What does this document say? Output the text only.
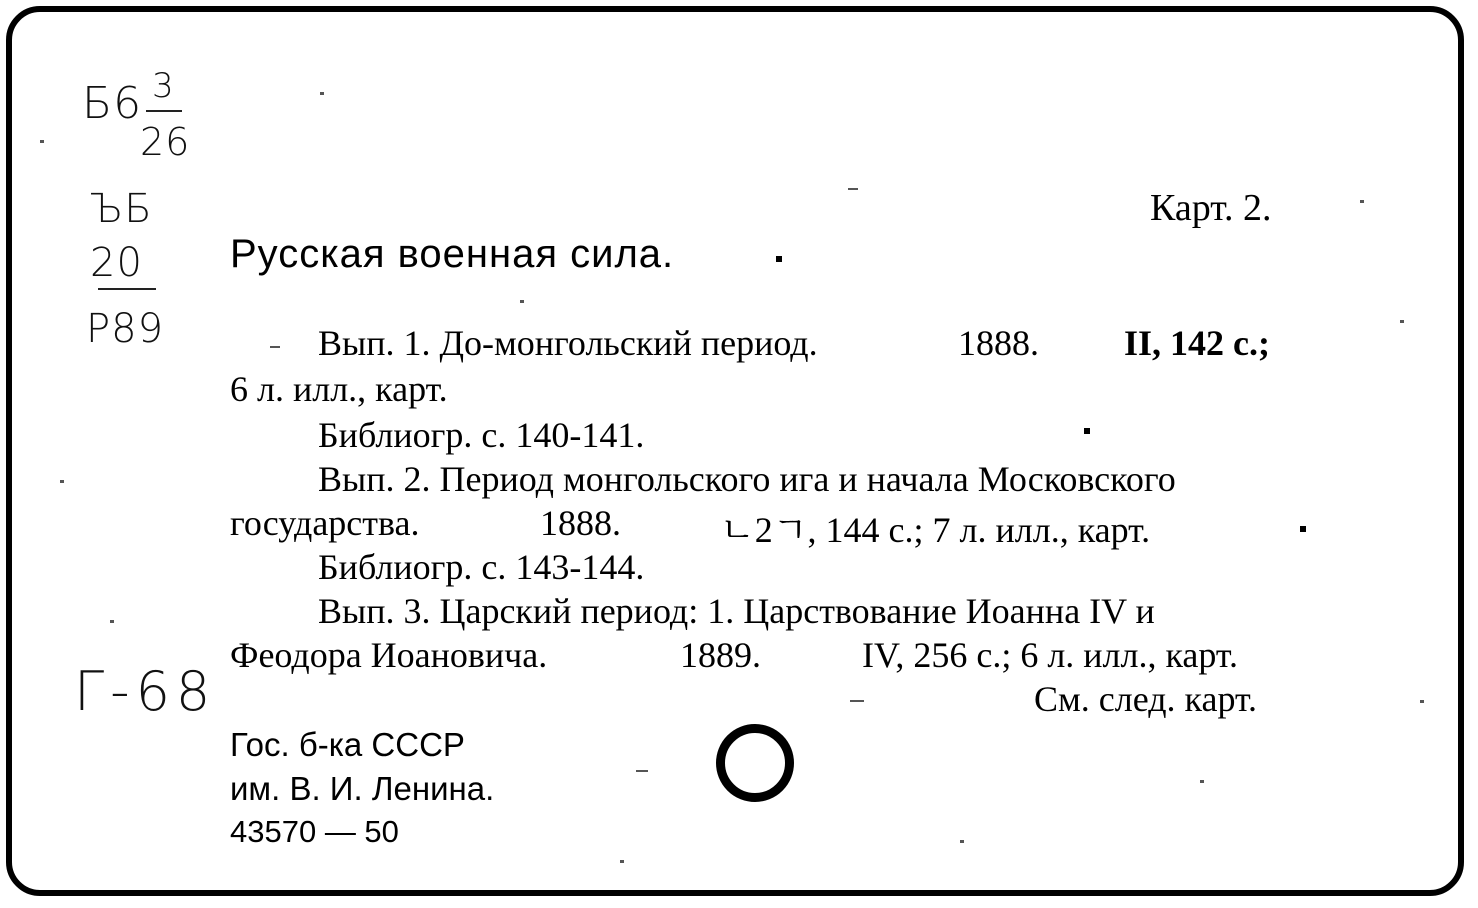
Б6 3
26
ЪБ
20
Р89
Г-68
Карт. 2.
Русская военная сила.
Вып. 1. До-монгольский период.	1888. II, 142 с.;
6 л. илл., карт.
Библиогр. с. 140-141.
Вып. 2. Период монгольского ига и начала Московского
государства.	1888.	ㄴ2ㄱ, 144 с.; 7 л. илл., карт.
Библиогр. с. 143-144.
Вып. 3. Царский период: 1. Царствование Иоанна IV и
Феодора Иоановича.	1889.	IV, 256 с.; 6 л. илл., карт.
См. след. карт.
Гос. б-ка СССР
им. В. И. Ленина.
43570 — 50
